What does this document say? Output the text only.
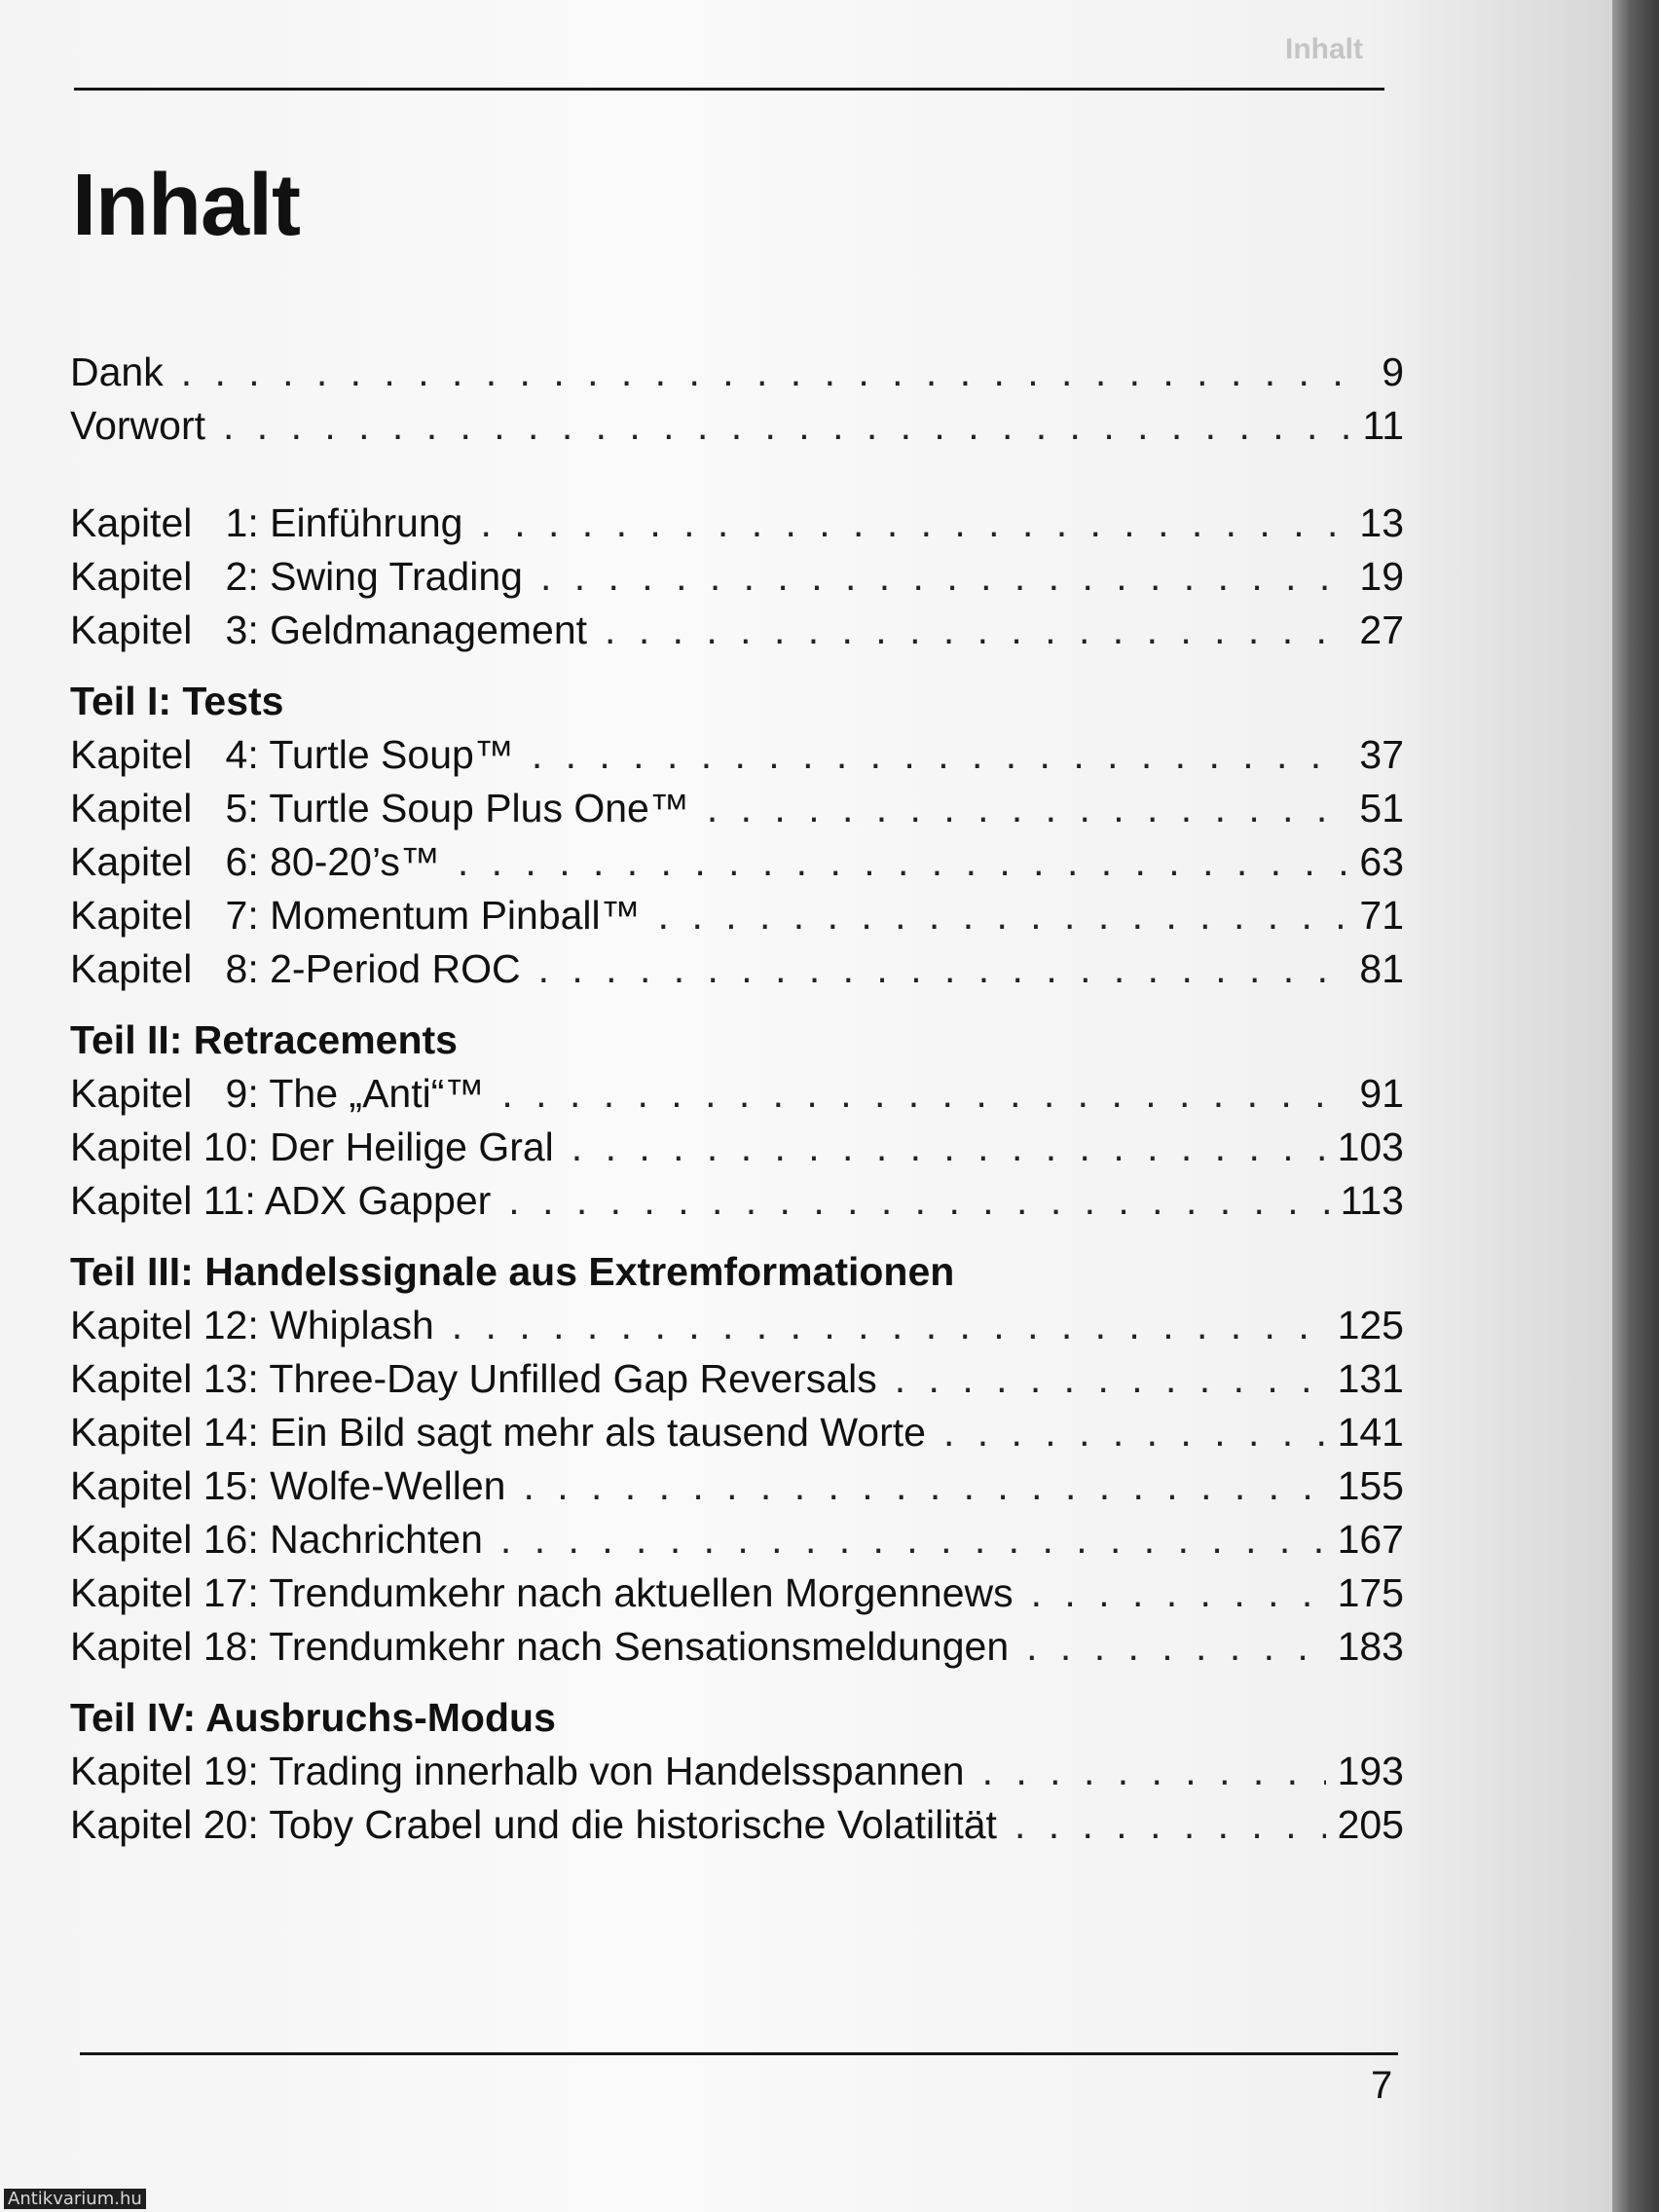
Inhalt
Inhalt
Dank . . .	9
Vorwort . . .	11
Kapitel   1: Einführung . . .	13
Kapitel   2: Swing Trading . . .	19
Kapitel   3: Geldmanagement . . .	27
Teil I: Tests
Kapitel   4: Turtle Soup™ . . .	37
Kapitel   5: Turtle Soup Plus One™ . . .	51
Kapitel   6: 80-20’s™ . . .	63
Kapitel   7: Momentum Pinball™ . . .	71
Kapitel   8: 2-Period ROC . . .	81
Teil II: Retracements
Kapitel   9: The „Anti“™ . . .	91
Kapitel 10: Der Heilige Gral . . .	103
Kapitel 11: ADX Gapper . . .	113
Teil III: Handelssignale aus Extremformationen
Kapitel 12: Whiplash . . .	125
Kapitel 13: Three-Day Unfilled Gap Reversals . . .	131
Kapitel 14: Ein Bild sagt mehr als tausend Worte . . .	141
Kapitel 15: Wolfe-Wellen . . .	155
Kapitel 16: Nachrichten . . .	167
Kapitel 17: Trendumkehr nach aktuellen Morgennews . . .	175
Kapitel 18: Trendumkehr nach Sensationsmeldungen . . .	183
Teil IV: Ausbruchs-Modus
Kapitel 19: Trading innerhalb von Handelsspannen . . .	193
Kapitel 20: Toby Crabel und die historische Volatilität . . .	205
7
Antikvarium.hu
